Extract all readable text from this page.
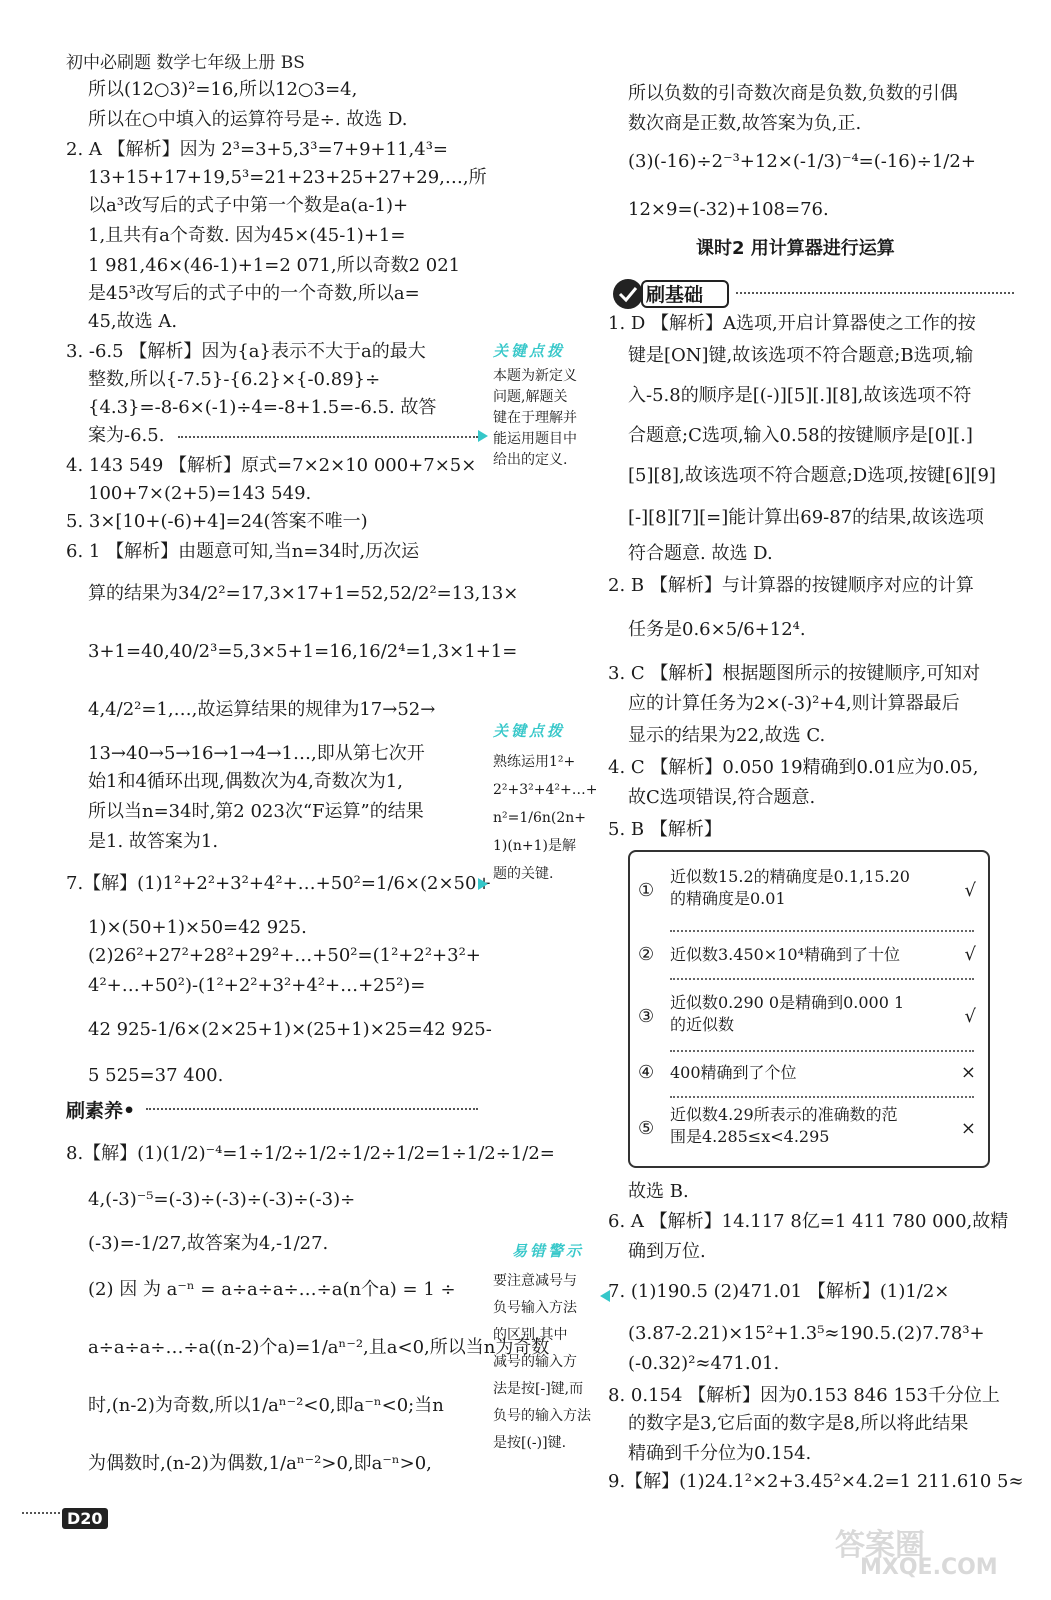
初中必刷题 数学七年级上册 BS
所以(12○3)²=16,所以12○3=4,
所以在○中填入的运算符号是÷. 故选 D.
2. A 【解析】因为 2³=3+5,3³=7+9+11,4³=
13+15+17+19,5³=21+23+25+27+29,…,所
以a³改写后的式子中第一个数是a(a-1)+
1,且共有a个奇数. 因为45×(45-1)+1=
1 981,46×(46-1)+1=2 071,所以奇数2 021
是45³改写后的式子中的一个奇数,所以a=
45,故选 A.
3. -6.5 【解析】因为{a}表示不大于a的最大
整数,所以{-7.5}-{6.2}×{-0.89}÷
{4.3}=-8-6×(-1)÷4=-8+1.5=-6.5. 故答
案为-6.5.
4. 143 549 【解析】原式=7×2×10 000+7×5×
100+7×(2+5)=143 549.
5. 3×[10+(-6)+4]=24(答案不唯一)
6. 1 【解析】由题意可知,当n=34时,历次运
算的结果为34/2²=17,3×17+1=52,52/2²=13,13×
3+1=40,40/2³=5,3×5+1=16,16/2⁴=1,3×1+1=
4,4/2²=1,…,故运算结果的规律为17→52→
13→40→5→16→1→4→1…,即从第七次开
始1和4循环出现,偶数次为4,奇数次为1,
所以当n=34时,第2 023次“F运算”的结果
是1. 故答案为1.
7.【解】(1)1²+2²+3²+4²+…+50²=1/6×(2×50+
1)×(50+1)×50=42 925.
(2)26²+27²+28²+29²+…+50²=(1²+2²+3²+
4²+…+50²)-(1²+2²+3²+4²+…+25²)=
42 925-1/6×(2×25+1)×(25+1)×25=42 925-
5 525=37 400.
刷素养•
8.【解】(1)(1/2)⁻⁴=1÷1/2÷1/2÷1/2÷1/2=1÷1/2÷1/2=
4,(-3)⁻⁵=(-3)÷(-3)÷(-3)÷(-3)÷
(-3)=-1/27,故答案为4,-1/27.
(2) 因 为 a⁻ⁿ = a÷a÷a÷…÷a(n个a) = 1 ÷
a÷a÷a÷…÷a((n-2)个a)=1/aⁿ⁻²,且a<0,所以当n为奇数
时,(n-2)为奇数,所以1/aⁿ⁻²<0,即a⁻ⁿ<0;当n
为偶数时,(n-2)为偶数,1/aⁿ⁻²>0,即a⁻ⁿ>0,
关键点拨
本题为新定义
问题,解题关
键在于理解并
能运用题目中
给出的定义.
关键点拨
熟练运用1²+
2²+3²+4²+…+
n²=1/6n(2n+
1)(n+1)是解
题的关键.
易错警示
要注意减号与
负号输入方法
的区别,其中
减号的输入方
法是按[-]键,而
负号的输入方法
是按[(-)]键.
所以负数的引奇数次商是负数,负数的引偶
数次商是正数,故答案为负,正.
(3)(-16)÷2⁻³+12×(-1/3)⁻⁴=(-16)÷1/2+
12×9=(-32)+108=76.
课时2 用计算器进行运算
刷基础
1. D 【解析】A选项,开启计算器使之工作的按
键是[ON]键,故该选项不符合题意;B选项,输
入-5.8的顺序是[(-)][5][.][8],故该选项不符
合题意;C选项,输入0.58的按键顺序是[0][.]
[5][8],故该选项不符合题意;D选项,按键[6][9]
[-][8][7][=]能计算出69-87的结果,故该选项
符合题意. 故选 D.
2. B 【解析】与计算器的按键顺序对应的计算
任务是0.6×5/6+12⁴.
3. C 【解析】根据题图所示的按键顺序,可知对
应的计算任务为2×(-3)²+4,则计算器最后
显示的结果为22,故选 C.
4. C 【解析】0.050 19精确到0.01应为0.05,
故C选项错误,符合题意.
5. B 【解析】
①
近似数15.2的精确度是0.1,15.20
的精确度是0.01	√
② 近似数3.450×10⁴精确到了十位	√
③
近似数0.290 0是精确到0.000 1
的近似数	√
④ 400精确到了个位	×
⑤
近似数4.29所表示的准确数的范
围是4.285≤x<4.295	×
故选 B.
6. A 【解析】14.117 8亿=1 411 780 000,故精
确到万位.
7. (1)190.5 (2)471.01 【解析】(1)1/2×
(3.87-2.21)×15²+1.3⁵≈190.5.(2)7.78³+
(-0.32)²≈471.01.
8. 0.154 【解析】因为0.153 846 153千分位上
的数字是3,它后面的数字是8,所以将此结果
精确到千分位为0.154.
9.【解】(1)24.1²×2+3.45²×4.2=1 211.610 5≈
D20
答案圈
MXQE.COM
